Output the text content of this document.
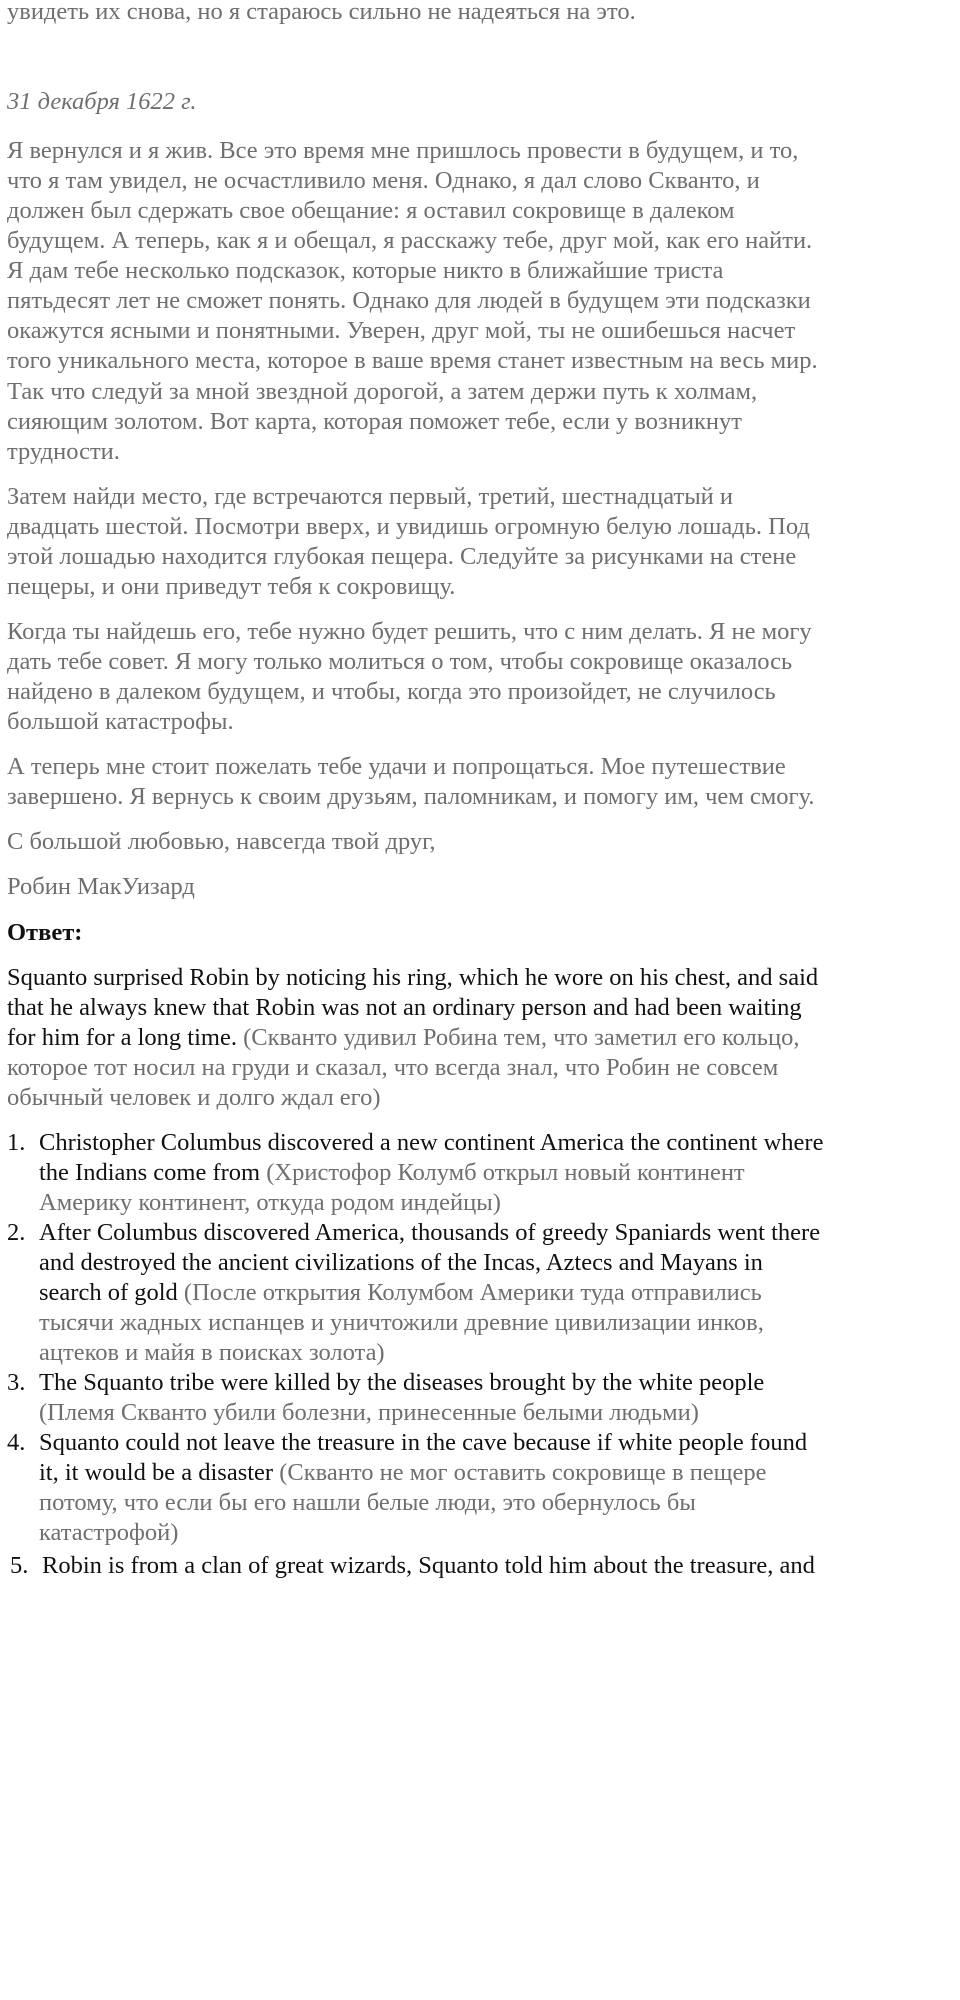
увидеть их снова, но я стараюсь сильно не надеяться на это.

31 декабря 1622 г.

Я вернулся и я жив. Все это время мне пришлось провести в будущем, и то,

что я там увидел, не осчастливило меня. Однако, я дал слово Скванто, и

должен был сдержать свое обещание: я оставил сокровище в далеком

будущем. А теперь, как я и обещал, я расскажу тебе, друг мой, как его найти.

Я дам тебе несколько подсказок, которые никто в ближайшие триста

пятьдесят лет не сможет понять. Однако для людей в будущем эти подсказки

окажутся ясными и понятными. Уверен, друг мой, ты не ошибешься насчет

того уникального места, которое в ваше время станет известным на весь мир.

Так что следуй за мной звездной дорогой, а затем держи путь к холмам,

сияющим золотом. Вот карта, которая поможет тебе, если у возникнут

трудности.

Затем найди место, где встречаются первый, третий, шестнадцатый и

двадцать шестой. Посмотри вверх, и увидишь огромную белую лошадь. Под

этой лошадью находится глубокая пещера. Следуйте за рисунками на стене

пещеры, и они приведут тебя к сокровищу.

Когда ты найдешь его, тебе нужно будет решить, что с ним делать. Я не могу

дать тебе совет. Я могу только молиться о том, чтобы сокровище оказалось

найдено в далеком будущем, и чтобы, когда это произойдет, не случилось

большой катастрофы.

А теперь мне стоит пожелать тебе удачи и попрощаться. Мое путешествие

завершено. Я вернусь к своим друзьям, паломникам, и помогу им, чем смогу.

С большой любовью, навсегда твой друг,

Робин МакУизард

Ответ:

Squanto surprised Robin by noticing his ring, which he wore on his chest, and said

that he always knew that Robin was not an ordinary person and had been waiting

for him for a long time. (Скванто удивил Робина тем, что заметил его кольцо,

которое тот носил на груди и сказал, что всегда знал, что Робин не совсем

обычный человек и долго ждал его)

1. Christopher Columbus discovered a new continent America the continent where

the Indians come from (Христофор Колумб открыл новый континент

Америку континент, откуда родом индейцы)

2. After Columbus discovered America, thousands of greedy Spaniards went there

and destroyed the ancient civilizations of the Incas, Aztecs and Mayans in

search of gold (После открытия Колумбом Америки туда отправились

тысячи жадных испанцев и уничтожили древние цивилизации инков,

ацтеков и майя в поисках золота)

3. The Squanto tribe were killed by the diseases brought by the white people

(Племя Скванто убили болезни, принесенные белыми людьми)

4. Squanto could not leave the treasure in the cave because if white people found

it, it would be a disaster (Скванто не мог оставить сокровище в пещере

потому, что если бы его нашли белые люди, это обернулось бы

катастрофой)

5. Robin is from a clan of great wizards, Squanto told him about the treasure, and
